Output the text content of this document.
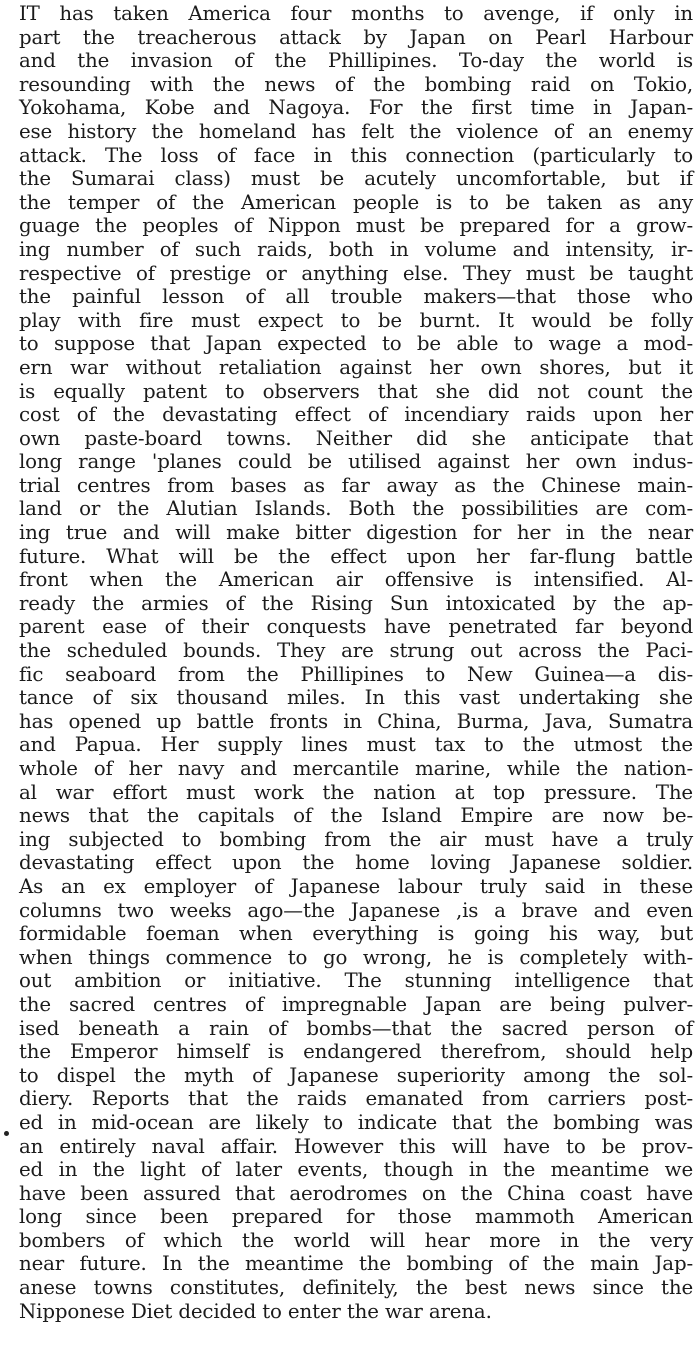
IT has taken America four months to avenge, if only in
part the treacherous attack by Japan on Pearl Harbour
and the invasion of the Phillipines. To-day the world is
resounding with the news of the bombing raid on Tokio,
Yokohama, Kobe and Nagoya. For the first time in Japan-
ese history the homeland has felt the violence of an enemy
attack. The loss of face in this connection (particularly to
the Sumarai class) must be acutely uncomfortable, but if
the temper of the American people is to be taken as any
guage the peoples of Nippon must be prepared for a grow-
ing number of such raids, both in volume and intensity, ir-
respective of prestige or anything else. They must be taught
the painful lesson of all trouble makers—that those who
play with fire must expect to be burnt. It would be folly
to suppose that Japan expected to be able to wage a mod-
ern war without retaliation against her own shores, but it
is equally patent to observers that she did not count the
cost of the devastating effect of incendiary raids upon her
own paste-board towns. Neither did she anticipate that
long range 'planes could be utilised against her own indus-
trial centres from bases as far away as the Chinese main-
land or the Alutian Islands. Both the possibilities are com-
ing true and will make bitter digestion for her in the near
future. What will be the effect upon her far-flung battle
front when the American air offensive is intensified. Al-
ready the armies of the Rising Sun intoxicated by the ap-
parent ease of their conquests have penetrated far beyond
the scheduled bounds. They are strung out across the Paci-
fic seaboard from the Phillipines to New Guinea—a dis-
tance of six thousand miles. In this vast undertaking she
has opened up battle fronts in China, Burma, Java, Sumatra
and Papua. Her supply lines must tax to the utmost the
whole of her navy and mercantile marine, while the nation-
al war effort must work the nation at top pressure. The
news that the capitals of the Island Empire are now be-
ing subjected to bombing from the air must have a truly
devastating effect upon the home loving Japanese soldier.
As an ex employer of Japanese labour truly said in these
columns two weeks ago—the Japanese ,is a brave and even
formidable foeman when everything is going his way, but
when things commence to go wrong, he is completely with-
out ambition or initiative. The stunning intelligence that
the sacred centres of impregnable Japan are being pulver-
ised beneath a rain of bombs—that the sacred person of
the Emperor himself is endangered therefrom, should help
to dispel the myth of Japanese superiority among the sol-
diery. Reports that the raids emanated from carriers post-
ed in mid-ocean are likely to indicate that the bombing was
an entirely naval affair. However this will have to be prov-
ed in the light of later events, though in the meantime we
have been assured that aerodromes on the China coast have
long since been prepared for those mammoth American
bombers of which the world will hear more in the very
near future. In the meantime the bombing of the main Jap-
anese towns constitutes, definitely, the best news since the
Nipponese Diet decided to enter the war arena.
